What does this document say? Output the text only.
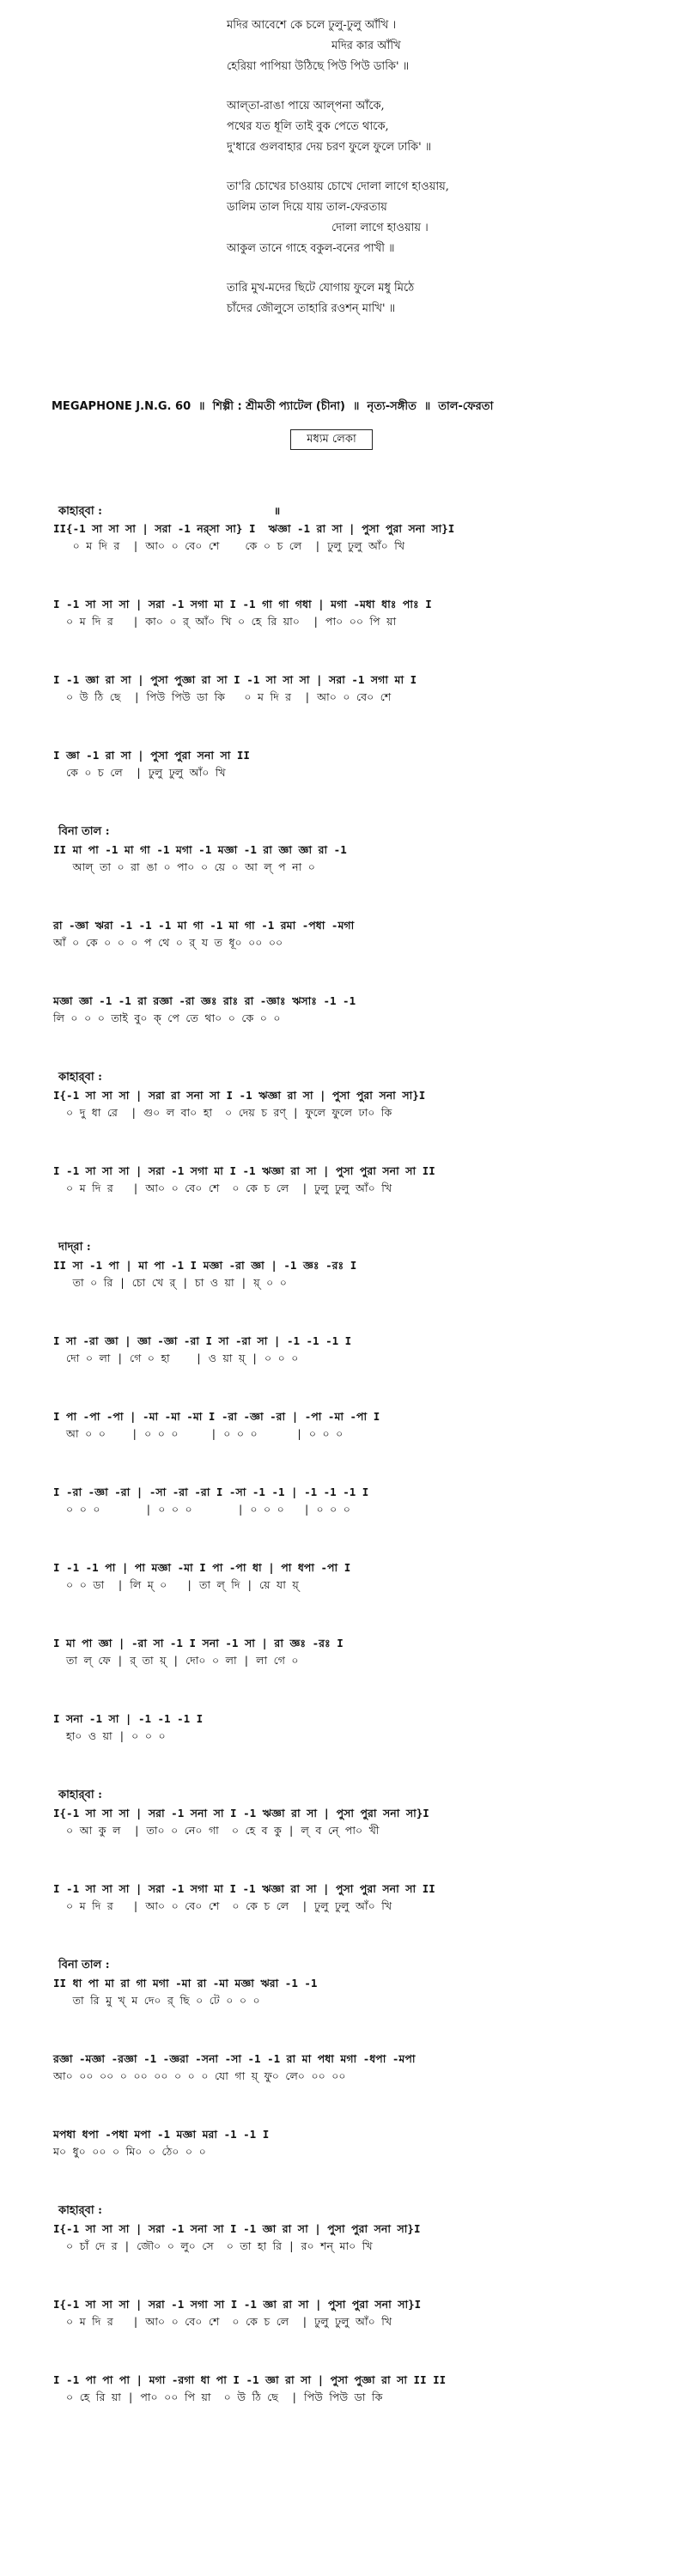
মদির আবেশে কে চলে ঢুলু-ঢুলু আঁখি ।
মদির কার আঁখি
হেরিয়া পাপিয়া উঠিছে পিউ পিউ ডাকি' ॥
আল্‌তা-রাঙা পায়ে আল্‌পনা আঁকে,
পথের যত ধূলি তাই বুক পেতে থাকে,
দু'ধারে গুলবাহার দেয় চরণ ফুলে ফুলে ঢাকি' ॥
তা'রি চোখের চাওয়ায় চোখে দোলা লাগে হাওয়ায়,
ডালিম তাল দিয়ে যায় তাল-ফেরতায়
দোলা লাগে হাওয়ায় ।
আকুল তানে গাহে বকুল-বনের পাখী ॥
তারি মুখ-মদের ছিটে যোগায় ফুলে মধু মিঠে
চাঁদের জৌলুসে তাহারি রওশন্ মাখি' ॥
MEGAPHONE J.N.G. 60  ॥  শিল্পী : শ্রীমতী প্যাটেল (চীনা)  ॥  নৃত্য-সঙ্গীত  ॥  তাল-ফেরতা
মধ্যম লেকা
কাহার্‌বা :	॥
II{-1 সা সা সা | সরা -1 নর্‌সা সা} I  ঋজ্ঞা -1 রা সা | পুসা পুরা সনা সা}I
০ ম দি র  | আ০ ০ বে০ শে    কে ০ চ লে  | ঢুলু ঢুলু আঁ০ খি
I -1 সা সা সা | সরা -1 সগা মা I -1 গা গা গধা | মগা -মধা ধাঃ পাঃ I
০ ম দি র   | কা০ ০ র্‌ আঁ০ খি ০ হে রি য়া০  | পা০ ০০ পি য়া
I -1 জ্ঞা রা সা | পুসা পুজ্ঞা রা সা I -1 সা সা সা | সরা -1 সগা মা I
০ উ ঠি ছে  | পিউ পিউ ডা কি   ০ ম দি র  | আ০ ০ বে০ শে
I জ্ঞা -1 রা সা | পুসা পুরা সনা সা II
কে ০ চ লে  | ঢুলু ঢুলু আঁ০ খি
বিনা তাল :
II মা পা -1 মা গা -1 মগা -1 মজ্ঞা -1 রা জ্ঞা জ্ঞা রা -1
আল্ তা ০ রা ঙা ০ পা০ ০ য়ে ০ আ ল্ প না ০
রা -জ্ঞা ঋরা -1 -1 -1 মা গা -1 মা গা -1 রমা -পধা -মগা
আঁ ০ কে ০ ০ ০ প থে ০ র্‌ য ত ধূ০ ০০ ০০
মজ্ঞা জ্ঞা -1 -1 রা রজ্ঞা -রা জ্ঞঃ রাঃ রা -জ্ঞাঃ ঋসাঃ -1 -1
লি ০ ০ ০ তাই বু০ ক্‌ পে তে থা০ ০ কে ০ ০
কাহার্‌বা :
I{-1 সা সা সা | সরা রা সনা সা I -1 ঋজ্ঞা রা সা | পুসা পুরা সনা সা}I
০ দু ধা রে  | গু০ ল বা০ হা  ০ দেয় চ রণ্ | ফুলে ফুলে ঢা০ কি
I -1 সা সা সা | সরা -1 সগা মা I -1 ঋজ্ঞা রা সা | পুসা পুরা সনা সা II
০ ম দি র   | আ০ ০ বে০ শে  ০ কে চ লে  | ঢুলু ঢুলু আঁ০ খি
দাদ্‌রা :
II সা -1 পা | মা পা -1 I মজ্ঞা -রা জ্ঞা | -1 জ্ঞঃ -রঃ I
তা ০ রি | চো খে র্‌ | চা ও য়া | য়্‌ ০ ০
I সা -রা জ্ঞা | জ্ঞা -জ্ঞা -রা I সা -রা সা | -1 -1 -1 I
দো ০ লা | গে ০ হা    | ও য়া য়্‌ | ০ ০ ০
I পা -পা -পা | -মা -মা -মা I -রা -জ্ঞা -রা | -পা -মা -পা I
আ ০ ০    | ০ ০ ০     | ০ ০ ০      | ০ ০ ০
I -রা -জ্ঞা -রা | -সা -রা -রা I -সা -1 -1 | -1 -1 -1 I
০ ০ ০       | ০ ০ ০       | ০ ০ ০   | ০ ০ ০
I -1 -1 পা | পা মজ্ঞা -মা I পা -পা ধা | পা ধপা -পা I
০ ০ ডা  | লি ম্‌ ০   | তা ল্‌ দি | য়ে যা য়্‌
I মা পা জ্ঞা | -রা সা -1 I সনা -1 সা | রা জ্ঞঃ -রঃ I
তা ল্‌ ফে | র্‌ তা য়্‌ | দো০ ০ লা | লা গে ০
I সনা -1 সা | -1 -1 -1 I
হা০ ও য়া | ০ ০ ০
কাহার্‌বা :
I{-1 সা সা সা | সরা -1 সনা সা I -1 ঋজ্ঞা রা সা | পুসা পুরা সনা সা}I
০ আ কু ল  | তা০ ০ নে০ গা  ০ হে ব কু | ল্‌ ব নে্‌ পা০ খী
I -1 সা সা সা | সরা -1 সগা মা I -1 ঋজ্ঞা রা সা | পুসা পুরা সনা সা II
০ ম দি র   | আ০ ০ বে০ শে  ০ কে চ লে  | ঢুলু ঢুলু আঁ০ খি
বিনা তাল :
II ধা পা মা রা গা মগা -মা রা -মা মজ্ঞা ঋরা -1 -1
তা রি মু খ্‌ ম দে০ র্‌ ছি ০ টে ০ ০ ০
রজ্ঞা -মজ্ঞা -রজ্ঞা -1 -জ্ঞরা -সনা -সা -1 -1 রা মা পধা মগা -ধপা -মপা
আ০ ০০ ০০ ০ ০০ ০০ ০ ০ ০ যো গা য়্‌ ফু০ লে০ ০০ ০০
মপধা ধপা -পধা মপা -1 মজ্ঞা মরা -1 -1 I
ম০ ধু০ ০০ ০ মি০ ০ ঠে০ ০ ০
কাহার্‌বা :
I{-1 সা সা সা | সরা -1 সনা সা I -1 জ্ঞা রা সা | পুসা পুরা সনা সা}I
০ চাঁ দে র | জৌ০ ০ লু০ সে  ০ তা হা রি | র০ শন্‌ মা০ খি
I{-1 সা সা সা | সরা -1 সগা সা I -1 জ্ঞা রা সা | পুসা পুরা সনা সা}I
০ ম দি র   | আ০ ০ বে০ শে  ০ কে চ লে  | ঢুলু ঢুলু আঁ০ খি
I -1 পা পা পা | মগা -রগা ধা পা I -1 জ্ঞা রা সা | পুসা পুজ্ঞা রা সা II II
০ হে রি য়া | পা০ ০০ পি য়া  ০ উ ঠি ছে  | পিউ পিউ ডা কি
